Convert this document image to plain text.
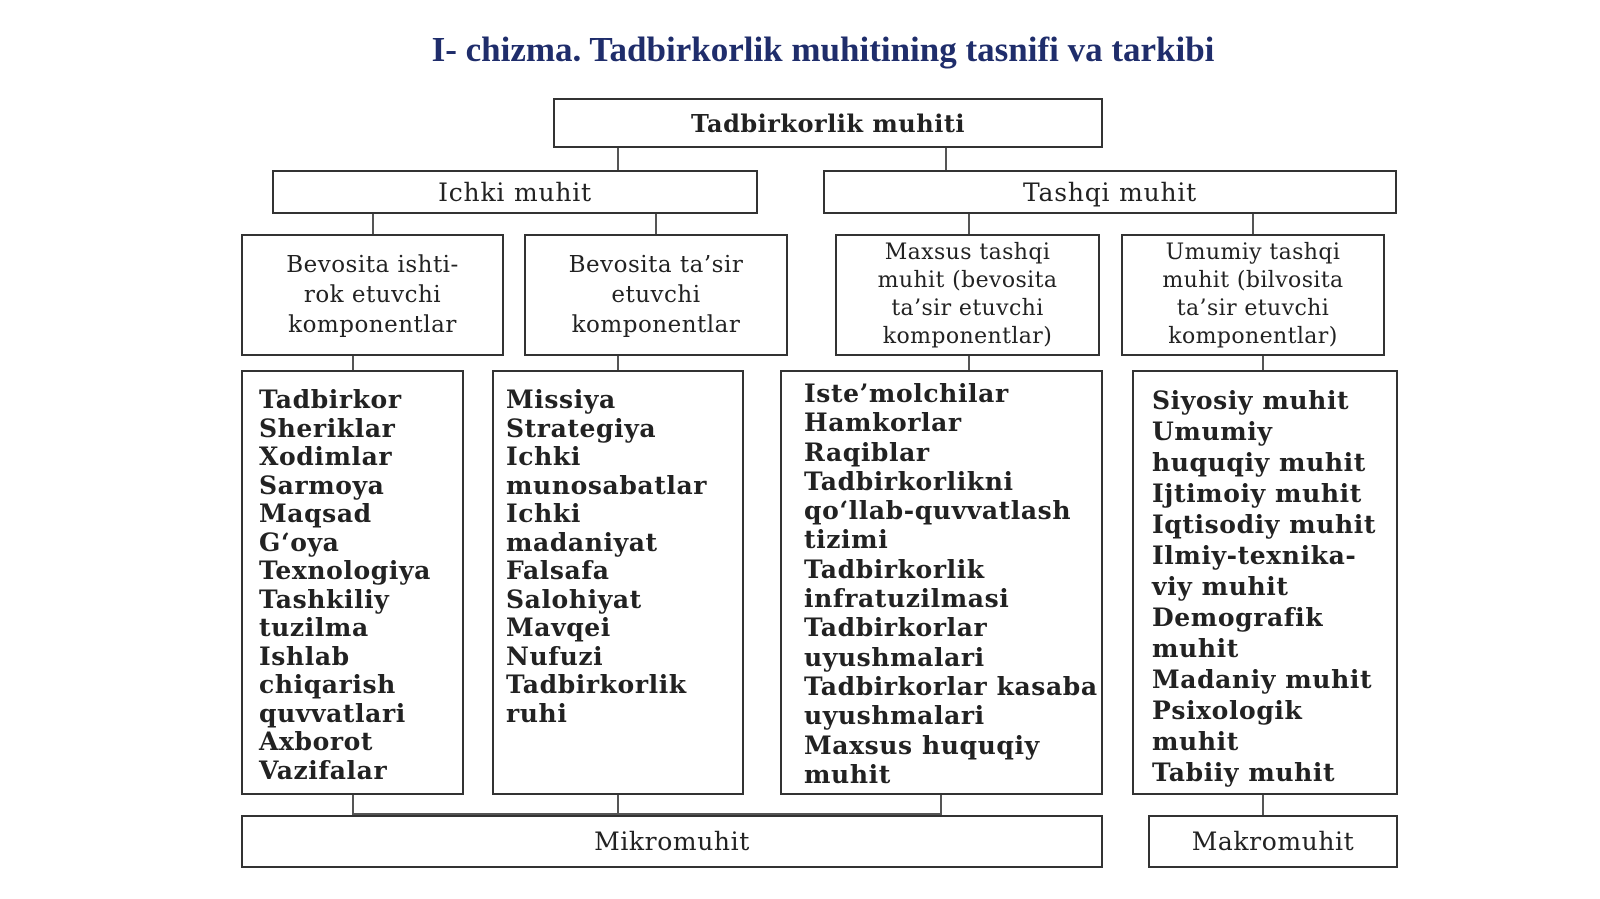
I- chizma. Tadbirkorlik muhitining tasnifi va tarkibi
Tadbirkorlik muhiti
Ichki muhit	Tashqi muhit
Bevosita ishti-
rok etuvchi
komponentlar
Bevosita ta’sir
etuvchi
komponentlar
Maxsus tashqi
muhit (bevosita
ta’sir etuvchi
komponentlar)
Umumiy tashqi
muhit (bilvosita
ta’sir etuvchi
komponentlar)
Tadbirkor
Sheriklar
Xodimlar
Sarmoya
Maqsad
G‘oya
Texnologiya
Tashkiliy
tuzilma
Ishlab
chiqarish
quvvatlari
Axborot
Vazifalar
Missiya
Strategiya
Ichki
munosabatlar
Ichki
madaniyat
Falsafa
Salohiyat
Mavqei
Nufuzi
Tadbirkorlik
ruhi
Iste’molchilar
Hamkorlar
Raqiblar
Tadbirkorlikni
qo‘llab-quvvatlash
tizimi
Tadbirkorlik
infratuzilmasi
Tadbirkorlar
uyushmalari
Tadbirkorlar kasaba
uyushmalari
Maxsus huquqiy
muhit
Siyosiy muhit
Umumiy
huquqiy muhit
Ijtimoiy muhit
Iqtisodiy muhit
Ilmiy-texnika-
viy muhit
Demografik
muhit
Madaniy muhit
Psixologik
muhit
Tabiiy muhit
Mikromuhit	Makromuhit
